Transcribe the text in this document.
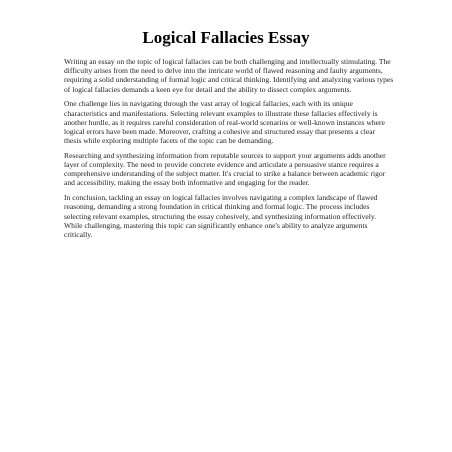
Logical Fallacies Essay

Writing an essay on the topic of logical fallacies can be both challenging and intellectually stimulating. The difficulty arises from the need to delve into the intricate world of flawed reasoning and faulty arguments, requiring a solid understanding of formal logic and critical thinking. Identifying and analyzing various types of logical fallacies demands a keen eye for detail and the ability to dissect complex arguments.

One challenge lies in navigating through the vast array of logical fallacies, each with its unique characteristics and manifestations. Selecting relevant examples to illustrate these fallacies effectively is another hurdle, as it requires careful consideration of real-world scenarios or well-known instances where logical errors have been made. Moreover, crafting a cohesive and structured essay that presents a clear thesis while exploring multiple facets of the topic can be demanding.

Researching and synthesizing information from reputable sources to support your arguments adds another layer of complexity. The need to provide concrete evidence and articulate a persuasive stance requires a comprehensive understanding of the subject matter. It's crucial to strike a balance between academic rigor and accessibility, making the essay both informative and engaging for the reader.

In conclusion, tackling an essay on logical fallacies involves navigating a complex landscape of flawed reasoning, demanding a strong foundation in critical thinking and formal logic. The process includes selecting relevant examples, structuring the essay cohesively, and synthesizing information effectively. While challenging, mastering this topic can significantly enhance one's ability to analyze arguments critically.
